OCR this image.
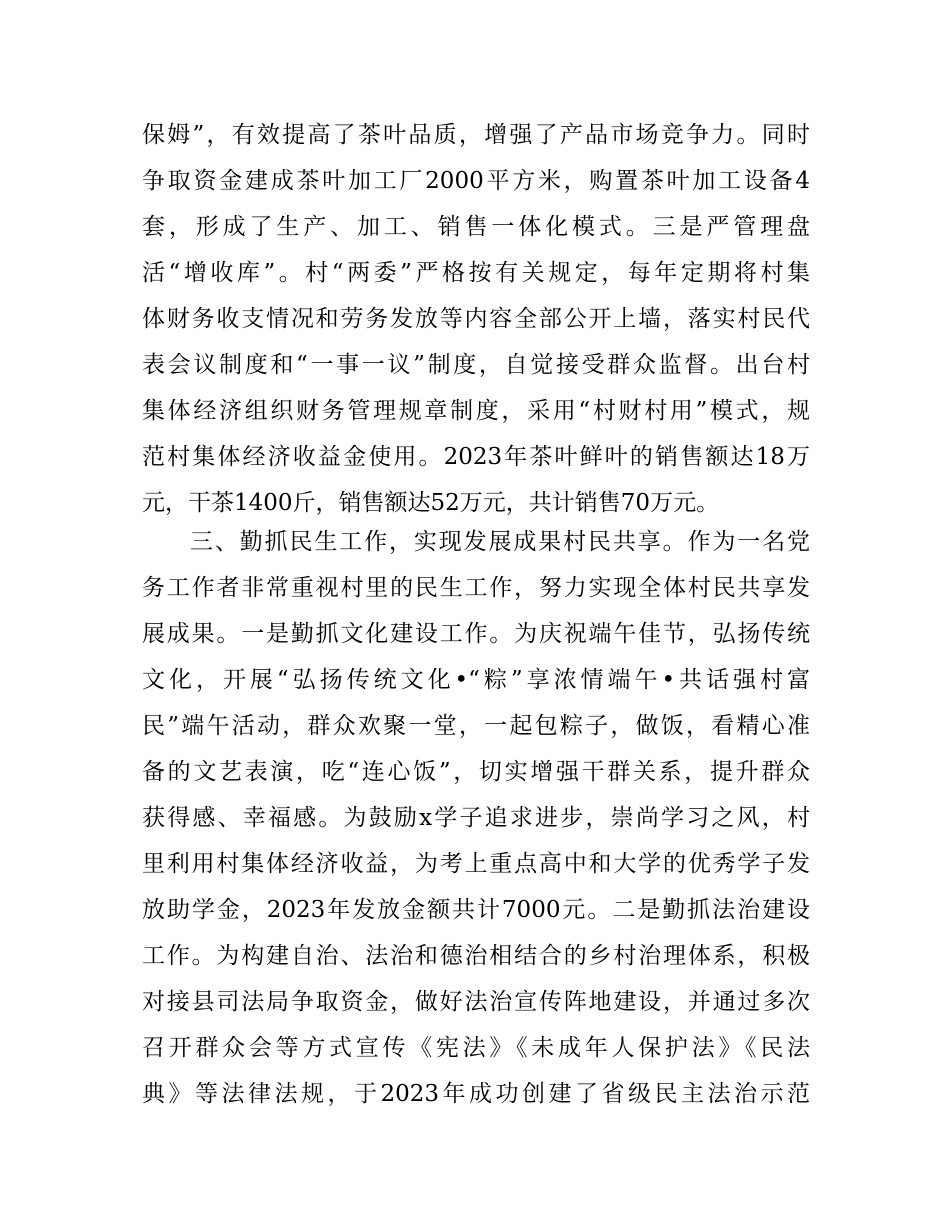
保姆”，有效提高了茶叶品质，增强了产品市场竞争力。同时
争取资金建成茶叶加工厂2000平方米，购置茶叶加工设备4
套，形成了生产、加工、销售一体化模式。三是严管理盘
活“增收库”。村“两委”严格按有关规定，每年定期将村集
体财务收支情况和劳务发放等内容全部公开上墙，落实村民代
表会议制度和“一事一议”制度，自觉接受群众监督。出台村
集体经济组织财务管理规章制度，采用“村财村用”模式，规
范村集体经济收益金使用。2023年茶叶鲜叶的销售额达18万
元，干茶1400斤，销售额达52万元，共计销售70万元。
三、勤抓民生工作，实现发展成果村民共享。作为一名党
务工作者非常重视村里的民生工作，努力实现全体村民共享发
展成果。一是勤抓文化建设工作。为庆祝端午佳节，弘扬传统
文化，开展“弘扬传统文化•“粽”享浓情端午•共话强村富
民”端午活动，群众欢聚一堂，一起包粽子，做饭，看精心准
备的文艺表演，吃“连心饭”，切实增强干群关系，提升群众
获得感、幸福感。为鼓励x学子追求进步，崇尚学习之风，村
里利用村集体经济收益，为考上重点高中和大学的优秀学子发
放助学金，2023年发放金额共计7000元。二是勤抓法治建设
工作。为构建自治、法治和德治相结合的乡村治理体系，积极
对接县司法局争取资金，做好法治宣传阵地建设，并通过多次
召开群众会等方式宣传《宪法》《未成年人保护法》《民法
典》等法律法规，于2023年成功创建了省级民主法治示范
